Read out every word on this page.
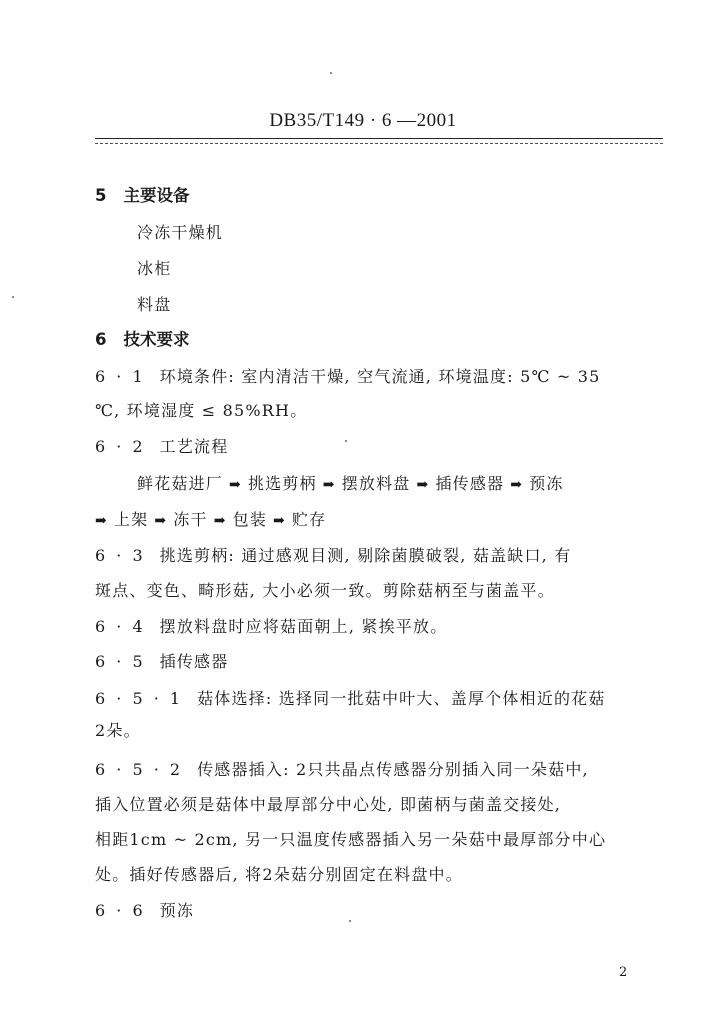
DB35/T149 · 6 —2001
5 主要设备
冷冻干燥机
冰柜
料盘
6 技术要求
6 · 1 环境条件: 室内清洁干燥, 空气流通, 环境温度: 5℃ ~ 35
℃, 环境湿度 ≤ 85%RH。
6 · 2 工艺流程
鲜花菇进厂 ➡ 挑选剪柄 ➡ 摆放料盘 ➡ 插传感器 ➡ 预冻
➡ 上架 ➡ 冻干 ➡ 包装 ➡ 贮存
6 · 3 挑选剪柄: 通过感观目测, 剔除菌膜破裂, 菇盖缺口, 有
斑点、变色、畸形菇, 大小必须一致。剪除菇柄至与菌盖平。
6 · 4 摆放料盘时应将菇面朝上, 紧挨平放。
6 · 5 插传感器
6 · 5 · 1 菇体选择: 选择同一批菇中叶大、盖厚个体相近的花菇
2朵。
6 · 5 · 2 传感器插入: 2只共晶点传感器分别插入同一朵菇中,
插入位置必须是菇体中最厚部分中心处, 即菌柄与菌盖交接处,
相距1cm ~ 2cm, 另一只温度传感器插入另一朵菇中最厚部分中心
处。插好传感器后, 将2朵菇分别固定在料盘中。
6 · 6 预冻
2
